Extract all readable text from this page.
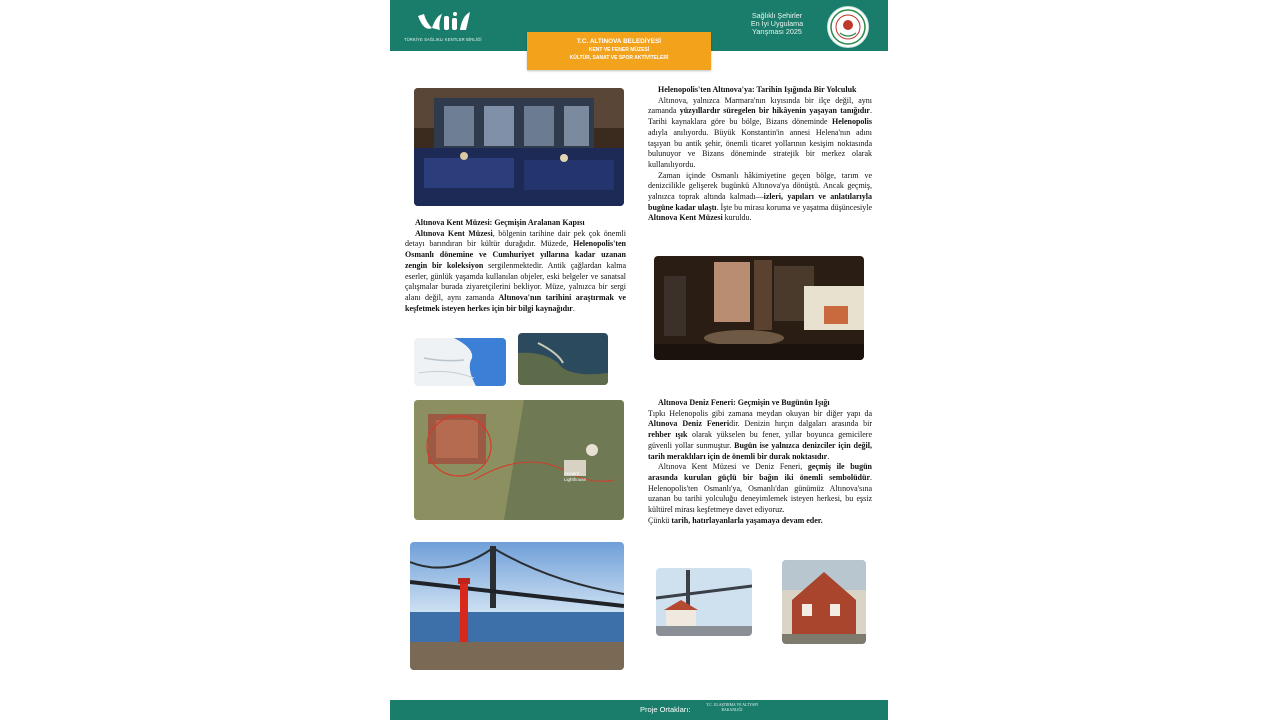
TÜRKİYE SAĞLIKLI KENTLER BİRLİĞİ
Sağlıklı Şehirler
En İyi Uygulama
Yarışması 2025
T.C. ALTINOVA BELEDİYESİ
KENT VE FENER MÜZESİ
KÜLTÜR, SANAT VE SPOR AKTİVİTELERİ
Ancient
Lighthouse

Altınova Kent Müzesi: Geçmişin Aralanan Kapısı

Altınova Kent Müzesi, bölgenin tarihine dair pek çok önemli detayı barındıran bir kültür durağıdır. Müzede, Helenopolis'ten Osmanlı dönemine ve Cumhuriyet yıllarına kadar uzanan zengin bir koleksiyon sergilenmektedir. Antik çağlardan kalma eserler, günlük yaşamda kullanılan objeler, eski belgeler ve sanatsal çalışmalar burada ziyaretçilerini bekliyor. Müze, yalnızca bir sergi alanı değil, aynı zamanda Altınova'nın tarihini araştırmak ve keşfetmek isteyen herkes için bir bilgi kaynağıdır.

Helenopolis'ten Altınova'ya: Tarihin Işığında Bir Yolculuk

Altınova, yalnızca Marmara'nın kıyısında bir ilçe değil, aynı zamanda yüzyıllardır süregelen bir hikâyenin yaşayan tanığıdır. Tarihi kaynaklara göre bu bölge, Bizans döneminde Helenopolis adıyla anılıyordu. Büyük Konstantin'in annesi Helena'nın adını taşıyan bu antik şehir, önemli ticaret yollarının kesişim noktasında bulunuyor ve Bizans döneminde stratejik bir merkez olarak kullanılıyordu.

Zaman içinde Osmanlı hâkimiyetine geçen bölge, tarım ve denizcilikle gelişerek bugünkü Altınova'ya dönüştü. Ancak geçmiş, yalnızca toprak altında kalmadı—izleri, yapıları ve anlatılarıyla bugüne kadar ulaştı. İşte bu mirası koruma ve yaşatma düşüncesiyle Altınova Kent Müzesi kuruldu.

Altınova Deniz Feneri: Geçmişin ve Bugünün Işığı

Tıpkı Helenopolis gibi zamana meydan okuyan bir diğer yapı da Altınova Deniz Feneridir. Denizin hırçın dalgaları arasında bir rehber ışık olarak yükselen bu fener, yıllar boyunca gemicilere güvenli yollar sunmuştur. Bugün ise yalnızca denizciler için değil, tarih meraklıları için de önemli bir durak noktasıdır.

Altınova Kent Müzesi ve Deniz Feneri, geçmiş ile bugün arasında kurulan güçlü bir bağın iki önemli sembolüdür. Helenopolis'ten Osmanlı'ya, Osmanlı'dan günümüz Altınova'sına uzanan bu tarihi yolculuğu deneyimlemek isteyen herkesi, bu eşsiz kültürel mirası keşfetmeye davet ediyoruz.

Çünkü tarih, hatırlayanlarla yaşamaya devam eder.

Proje Ortakları:	T.C. ULAŞTIRMA VE ALTYAPI
BAKANLIĞI
